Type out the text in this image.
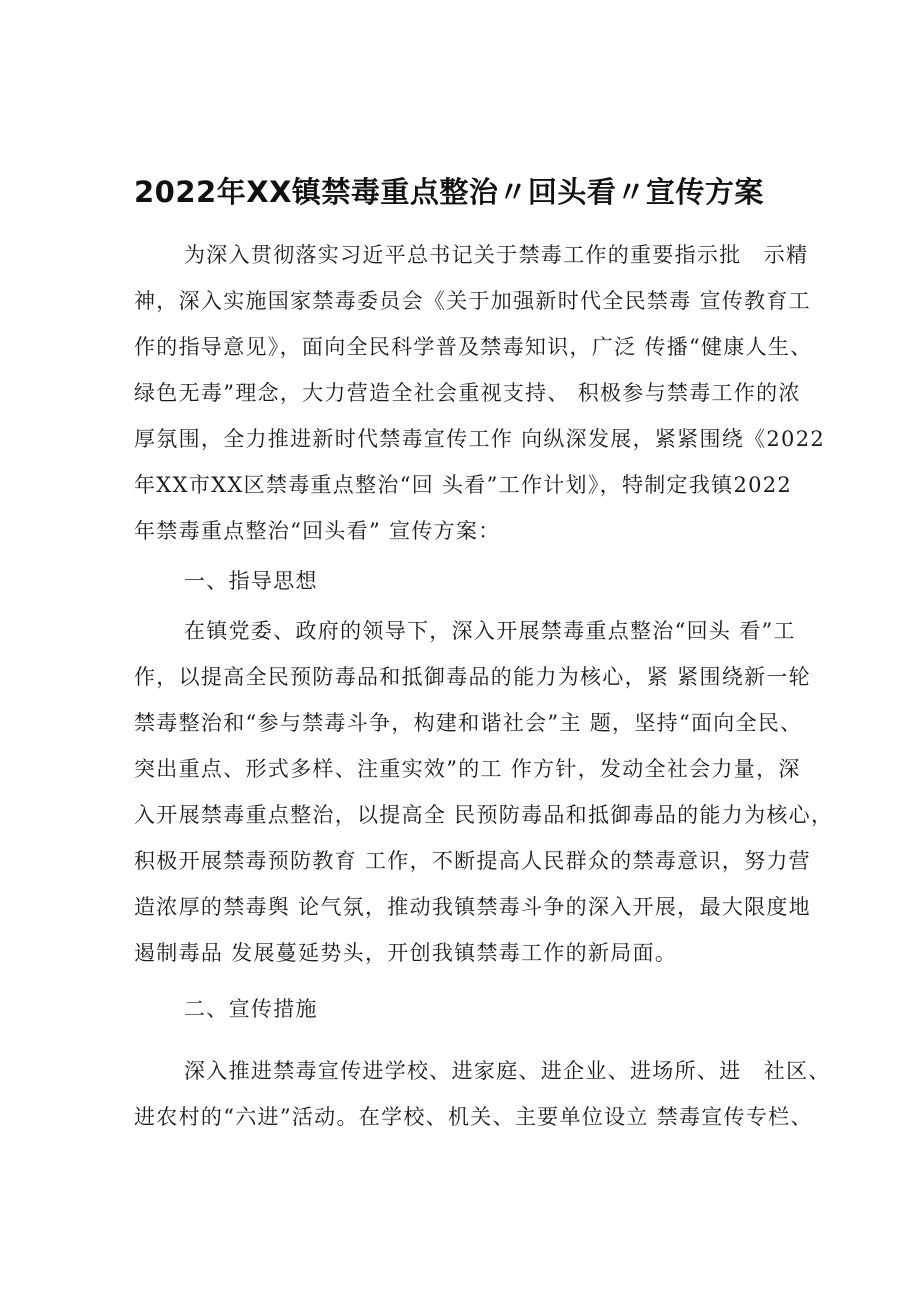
2022年XX镇禁毒重点整治〃回头看〃宣传方案
为深入贯彻落实习近平总书记关于禁毒工作的重要指示批　示精
神，深入实施国家禁毒委员会《关于加强新时代全民禁毒 宣传教育工
作的指导意见》，面向全民科学普及禁毒知识，广泛 传播“健康人生、
绿色无毒”理念，大力营造全社会重视支持、 积极参与禁毒工作的浓
厚氛围，全力推进新时代禁毒宣传工作 向纵深发展，紧紧围绕《2022
年XX市XX区禁毒重点整治“回 头看”工作计划》，特制定我镇2022
年禁毒重点整治“回头看” 宣传方案：
一、指导思想
在镇党委、政府的领导下，深入开展禁毒重点整治“回头 看”工
作，以提高全民预防毒品和抵御毒品的能力为核心，紧 紧围绕新一轮
禁毒整治和“参与禁毒斗争，构建和谐社会”主 题，坚持“面向全民、
突出重点、形式多样、注重实效”的工 作方针，发动全社会力量，深
入开展禁毒重点整治，以提高全 民预防毒品和抵御毒品的能力为核心，
积极开展禁毒预防教育 工作，不断提高人民群众的禁毒意识，努力营
造浓厚的禁毒舆 论气氛，推动我镇禁毒斗争的深入开展，最大限度地
遏制毒品 发展蔓延势头，开创我镇禁毒工作的新局面。
二、宣传措施
深入推进禁毒宣传进学校、进家庭、进企业、进场所、进　社区、
进农村的“六进”活动。在学校、机关、主要单位设立 禁毒宣传专栏、
